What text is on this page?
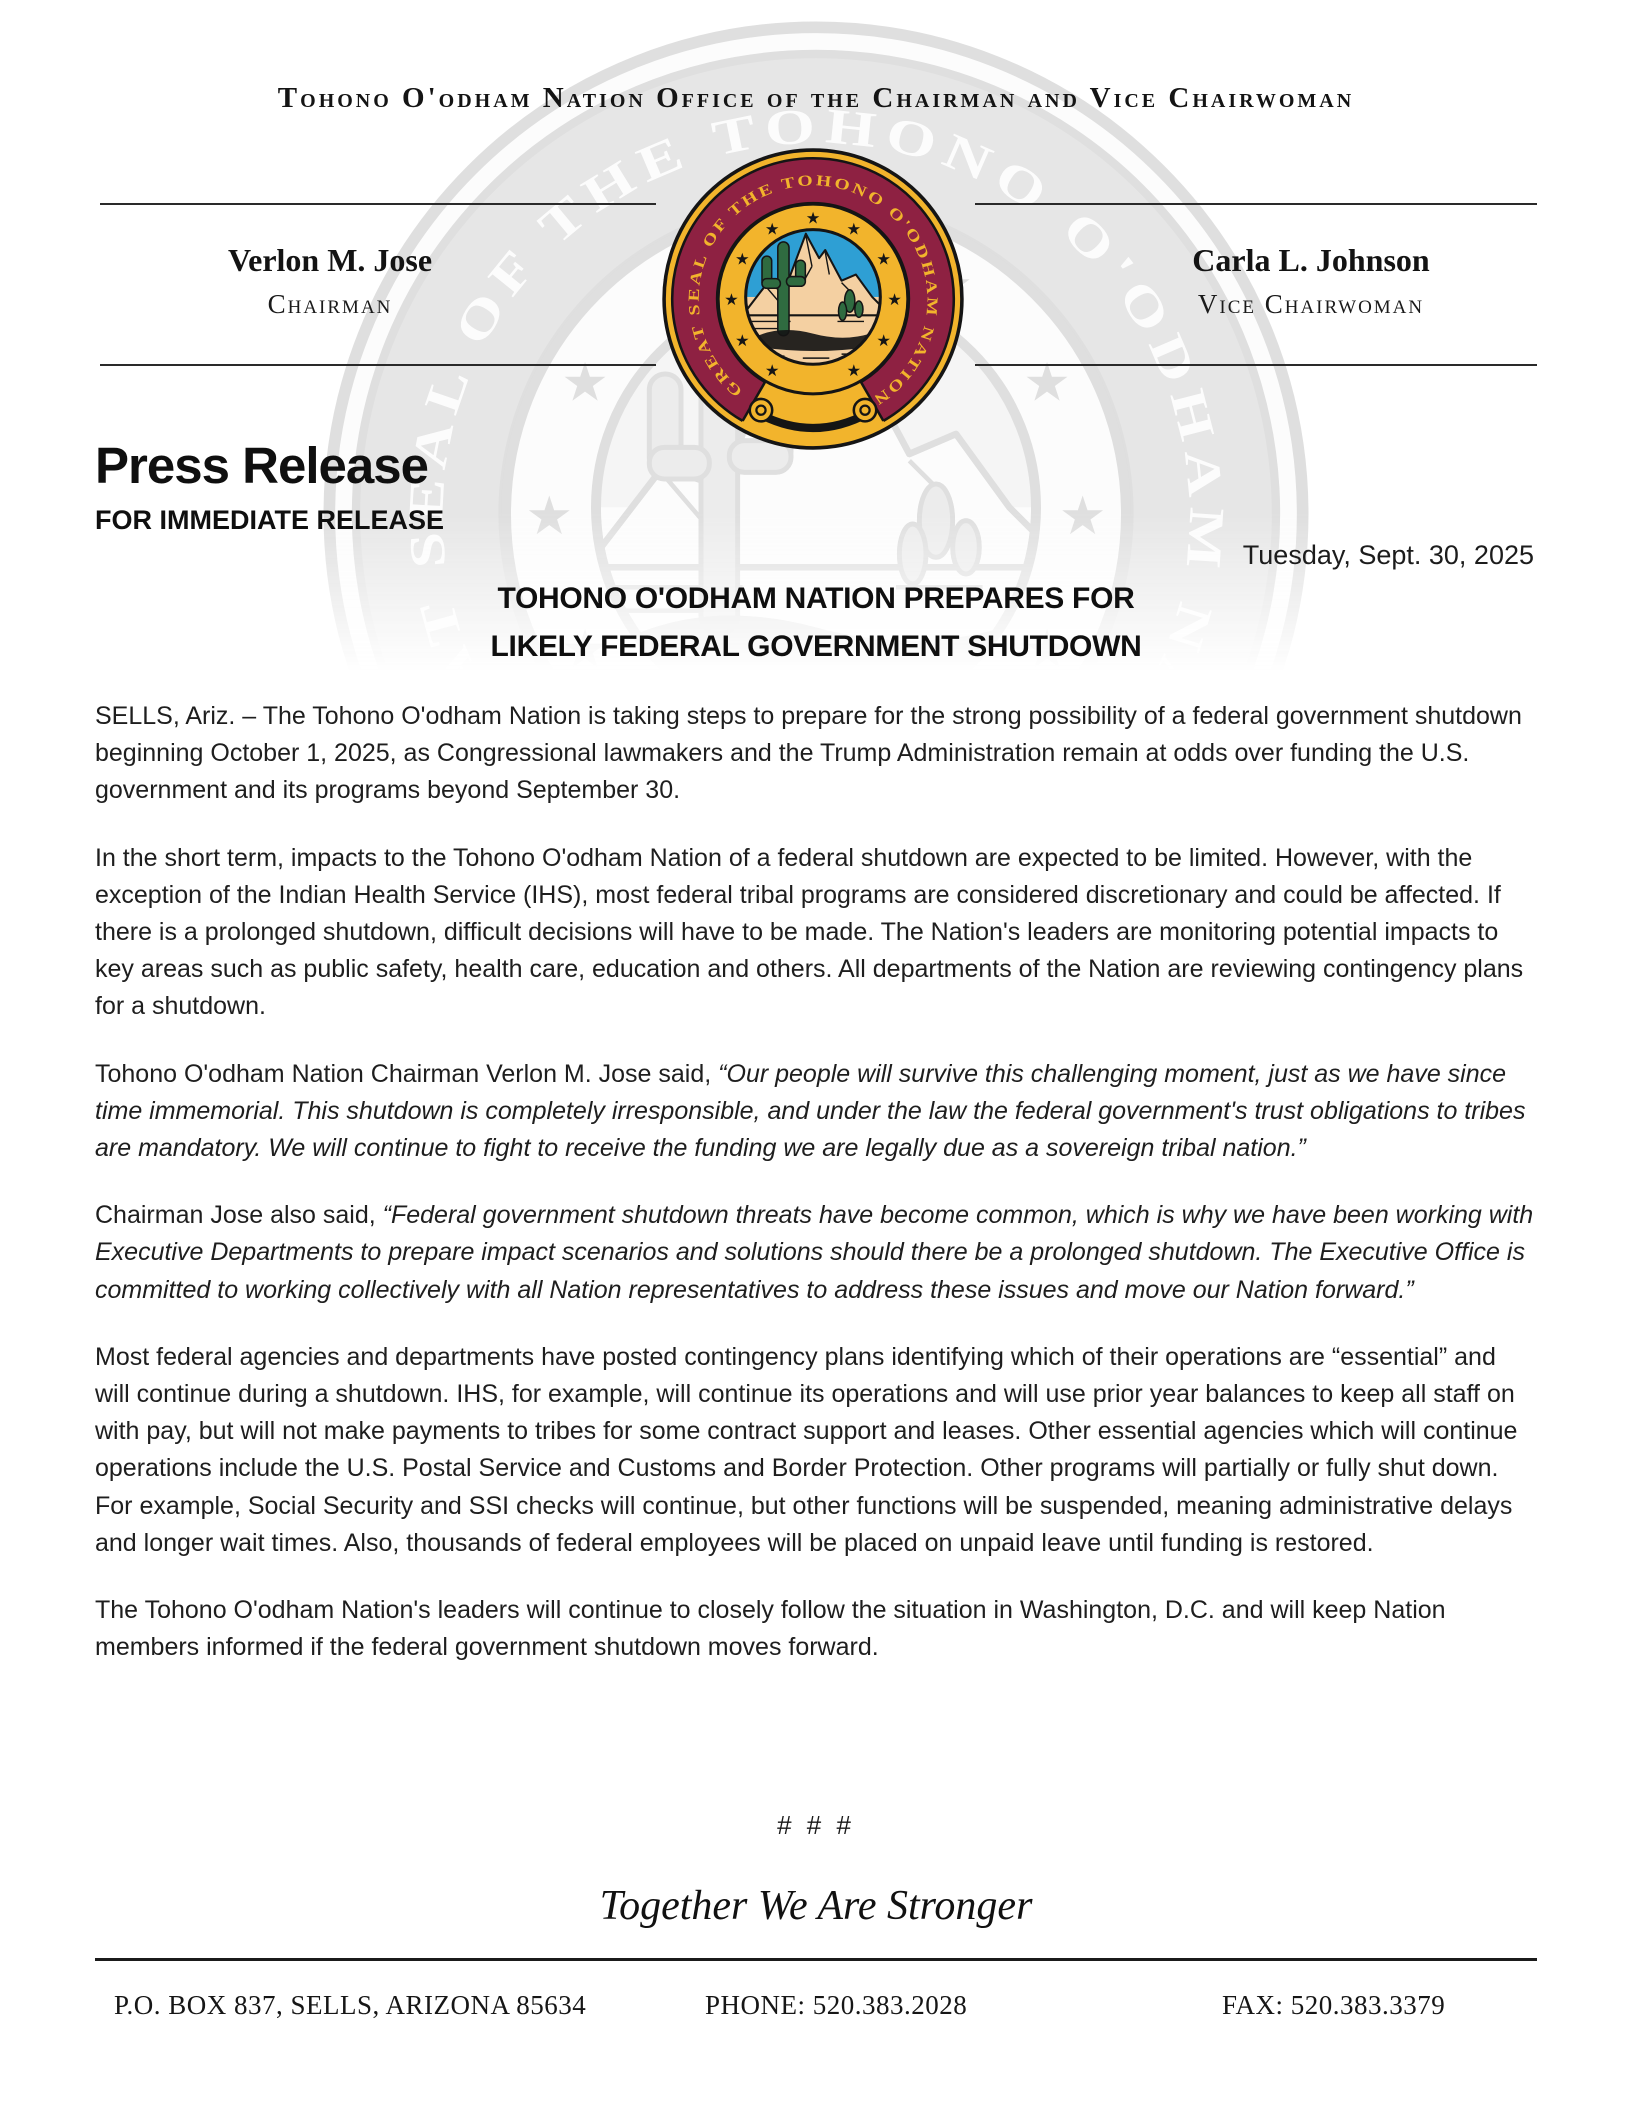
Tohono O'odham Nation Office of the Chairman and Vice Chairwoman
Verlon M. Jose
Chairman
Carla L. Johnson
Vice Chairwoman
Press Release
FOR IMMEDIATE RELEASE
Tuesday, Sept. 30, 2025
TOHONO O'ODHAM NATION PREPARES FOR
LIKELY FEDERAL GOVERNMENT SHUTDOWN

SELLS, Ariz. – The Tohono O'odham Nation is taking steps to prepare for the strong possibility of a federal government shutdown beginning October 1, 2025, as Congressional lawmakers and the Trump Administration remain at odds over funding the U.S. government and its programs beyond September 30.

In the short term, impacts to the Tohono O'odham Nation of a federal shutdown are expected to be limited. However, with the exception of the Indian Health Service (IHS), most federal tribal programs are considered discretionary and could be affected. If there is a prolonged shutdown, difficult decisions will have to be made. The Nation's leaders are monitoring potential impacts to key areas such as public safety, health care, education and others. All departments of the Nation are reviewing contingency plans for a shutdown.

Tohono O'odham Nation Chairman Verlon M. Jose said, “Our people will survive this challenging moment, just as we have since time immemorial. This shutdown is completely irresponsible, and under the law the federal government's trust obligations to tribes are mandatory. We will continue to fight to receive the funding we are legally due as a sovereign tribal nation.”

Chairman Jose also said, “Federal government shutdown threats have become common, which is why we have been working with Executive Departments to prepare impact scenarios and solutions should there be a prolonged shutdown. The Executive Office is committed to working collectively with all Nation representatives to address these issues and move our Nation forward.”

Most federal agencies and departments have posted contingency plans identifying which of their operations are “essential” and will continue during a shutdown. IHS, for example, will continue its operations and will use prior year balances to keep all staff on with pay, but will not make payments to tribes for some contract support and leases. Other essential agencies which will continue operations include the U.S. Postal Service and Customs and Border Protection. Other programs will partially or fully shut down. For example, Social Security and SSI checks will continue, but other functions will be suspended, meaning administrative delays and longer wait times. Also, thousands of federal employees will be placed on unpaid leave until funding is restored.

The Tohono O'odham Nation's leaders will continue to closely follow the situation in Washington, D.C. and will keep Nation members informed if the federal government shutdown moves forward.

# # #
Together We Are Stronger
P.O. BOX 837, SELLS, ARIZONA 85634	PHONE: 520.383.2028	FAX: 520.383.3379
